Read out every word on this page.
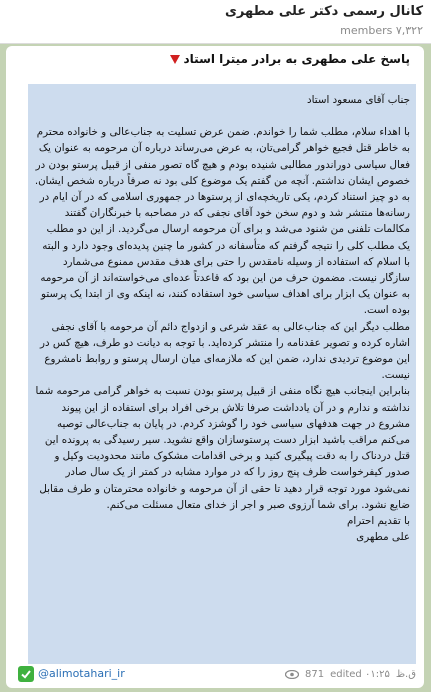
کانال رسمی دکتر علی مطهری
۷,۳۲۲ members
پاسخ علی مطهری به برادر میترا استاد

جناب آقای مسعود استاد

با اهداء سلام، مطلب شما را خواندم. ضمن عرض تسلیت به جناب‌عالی و خانواده محترم به خاطر قتل فجیع خواهر گرامی‌تان، به عرض می‌رساند درباره آن مرحومه به عنوان یک فعال سیاسی دوراندور مطالبی شنیده بودم و هیچ گاه تصور منفی از قبیل پرستو بودن در خصوص ایشان نداشتم. آنچه من گفتم یک موضوع کلی بود نه صرفاً درباره شخص ایشان. به دو چیز استناد کردم، یکی تاریخچه‌ای از پرستوها در جمهوری اسلامی که در آن ایام در رسانه‌ها منتشر شد و دوم سخن خود آقای نجفی که در مصاحبه با خبرنگاران گفتند مکالمات تلفنی من شنود می‌شد و برای آن مرحومه ارسال می‌گردید. از این دو مطلب یک مطلب کلی را نتیجه گرفتم که متأسفانه در کشور ما چنین پدیده‌ای وجود دارد و البته با اسلام که استفاده از وسیله نامقدس را حتی برای هدف مقدس ممنوع می‌شمارد سازگار نیست. مضمون حرف من این بود که قاعدتاً عده‌ای می‌خواسته‌اند از آن مرحومه به عنوان یک ابزار برای اهداف سیاسی خود استفاده کنند، نه اینکه وی از ابتدا یک پرستو بوده است.

مطلب دیگر این که جناب‌عالی به عقد شرعی و ازدواج دائم آن مرحومه با آقای نجفی اشاره کرده و تصویر عقدنامه را منتشر کرده‌اید. با توجه به دیانت دو طرف، هیچ کس در این موضوع تردیدی ندارد، ضمن این که ملازمه‌ای میان ارسال پرستو و روابط نامشروع نیست.

بنابراین اینجانب هیچ نگاه منفی از قبیل پرستو بودن نسبت به خواهر گرامی مرحومه شما نداشته و ندارم و در آن یادداشت صرفا تلاش برخی افراد برای استفاده از این پیوند مشروع در جهت هدفهای سیاسی خود را گوشزد کردم. در پایان به جناب‌عالی توصیه می‌کنم مراقب باشید ابزار دست پرستوسازان واقع نشوید. سیر رسیدگی به پرونده این قتل دردناک را به دقت پیگیری کنید و برخی اقدامات مشکوک مانند محدودیت وکیل و صدور کیفرخواست ظرف پنج روز را که در موارد مشابه در کمتر از یک سال صادر نمی‌شود مورد توجه قرار دهید تا حقی از آن مرحومه و خانواده محترمتان و طرف مقابل ضایع نشود. برای شما آرزوی صبر و اجر از خدای متعال مسئلت می‌کنم.

با تقدیم احترام

علی مطهری

@alimotahari_ir	ق.ظ
edited ۰۱:۲۵
871
